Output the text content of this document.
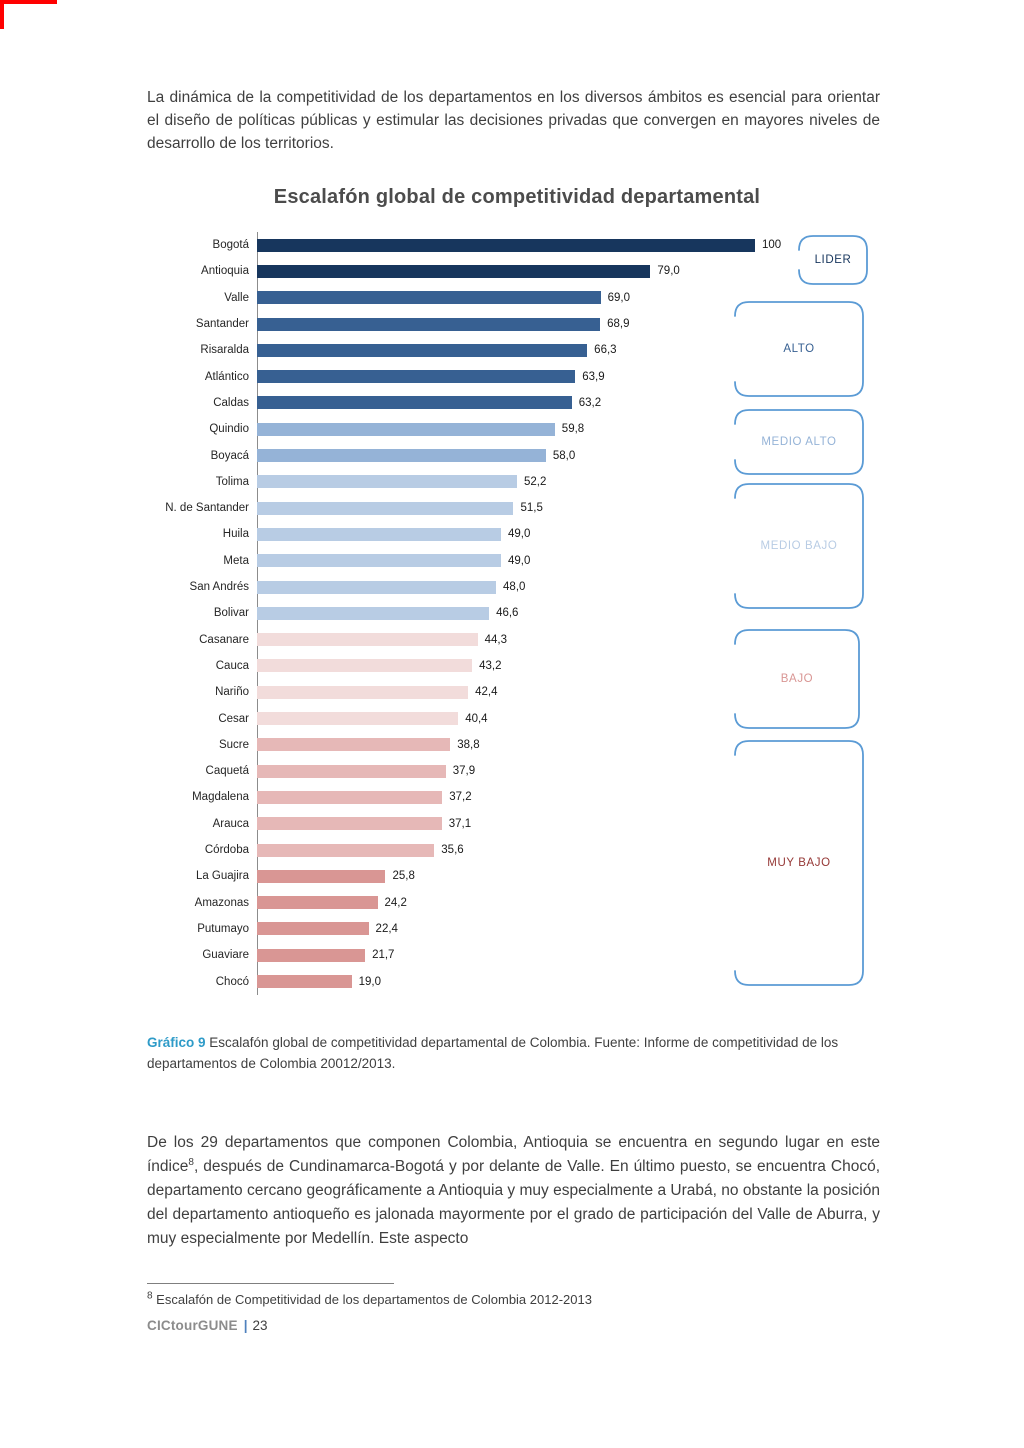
La dinámica de la competitividad de los departamentos en los diversos ámbitos es esencial para orientar el diseño de políticas públicas y estimular las decisiones privadas que convergen en mayores niveles de desarrollo de los territorios.

Escalafón global de competitividad departamental
Bogotá	100
Antioquia	79,0
Valle	69,0
Santander	68,9
Risaralda	66,3
Atlántico	63,9
Caldas	63,2
Quindio	59,8
Boyacá	58,0
Tolima	52,2
N. de Santander	51,5
Huila	49,0
Meta	49,0
San Andrés	48,0
Bolivar	46,6
Casanare	44,3
Cauca	43,2
Nariño	42,4
Cesar	40,4
Sucre	38,8
Caquetá	37,9
Magdalena	37,2
Arauca	37,1
Córdoba	35,6
La Guajira	25,8
Amazonas	24,2
Putumayo	22,4
Guaviare	21,7
Chocó	19,0
LIDER
ALTO
MEDIO ALTO
MEDIO BAJO
BAJO
MUY BAJO

Gráfico 9 Escalafón global de competitividad departamental de Colombia. Fuente: Informe de competitividad de los departamentos de Colombia 20012/2013.

De los 29 departamentos que componen Colombia, Antioquia se encuentra en segundo lugar en este índice$^8$, después de Cundinamarca-Bogotá y por delante de Valle. En último puesto, se encuentra Chocó, departamento cercano geográficamente a Antioquia y muy especialmente a Urabá, no obstante la posición del departamento antioqueño es jalonada mayormente por el grado de participación del Valle de Aburra, y muy especialmente por Medellín. Este aspecto

$^8$ Escalafón de Competitividad de los departamentos de Colombia 2012-2013

CICtourGUNE | 23
